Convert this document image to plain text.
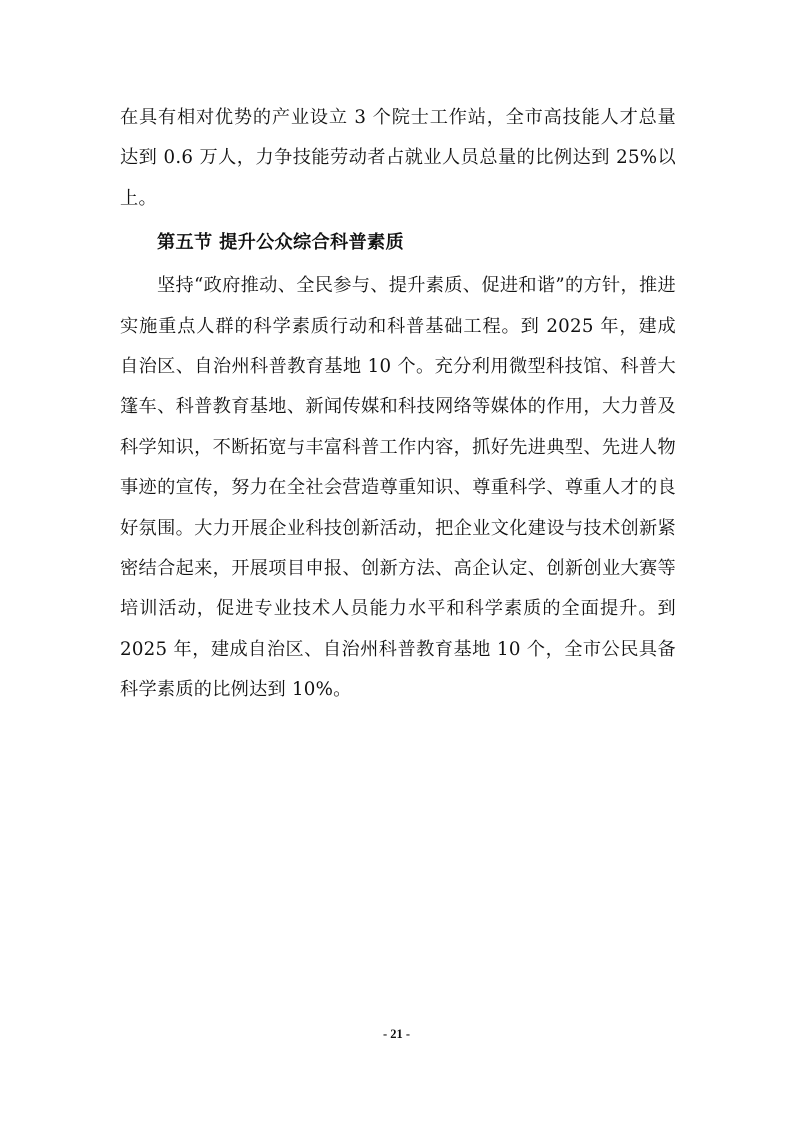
在具有相对优势的产业设立 3 个院士工作站，全市高技能人才总量达到 0.6 万人，力争技能劳动者占就业人员总量的比例达到 25%以上。

第五节 提升公众综合科普素质

坚持“政府推动、全民参与、提升素质、促进和谐”的方针，推进实施重点人群的科学素质行动和科普基础工程。到 2025 年，建成自治区、自治州科普教育基地 10 个。充分利用微型科技馆、科普大篷车、科普教育基地、新闻传媒和科技网络等媒体的作用，大力普及科学知识，不断拓宽与丰富科普工作内容，抓好先进典型、先进人物事迹的宣传，努力在全社会营造尊重知识、尊重科学、尊重人才的良好氛围。大力开展企业科技创新活动，把企业文化建设与技术创新紧密结合起来，开展项目申报、创新方法、高企认定、创新创业大赛等培训活动，促进专业技术人员能力水平和科学素质的全面提升。到 2025 年，建成自治区、自治州科普教育基地 10 个，全市公民具备科学素质的比例达到 10%。

- 21 -
